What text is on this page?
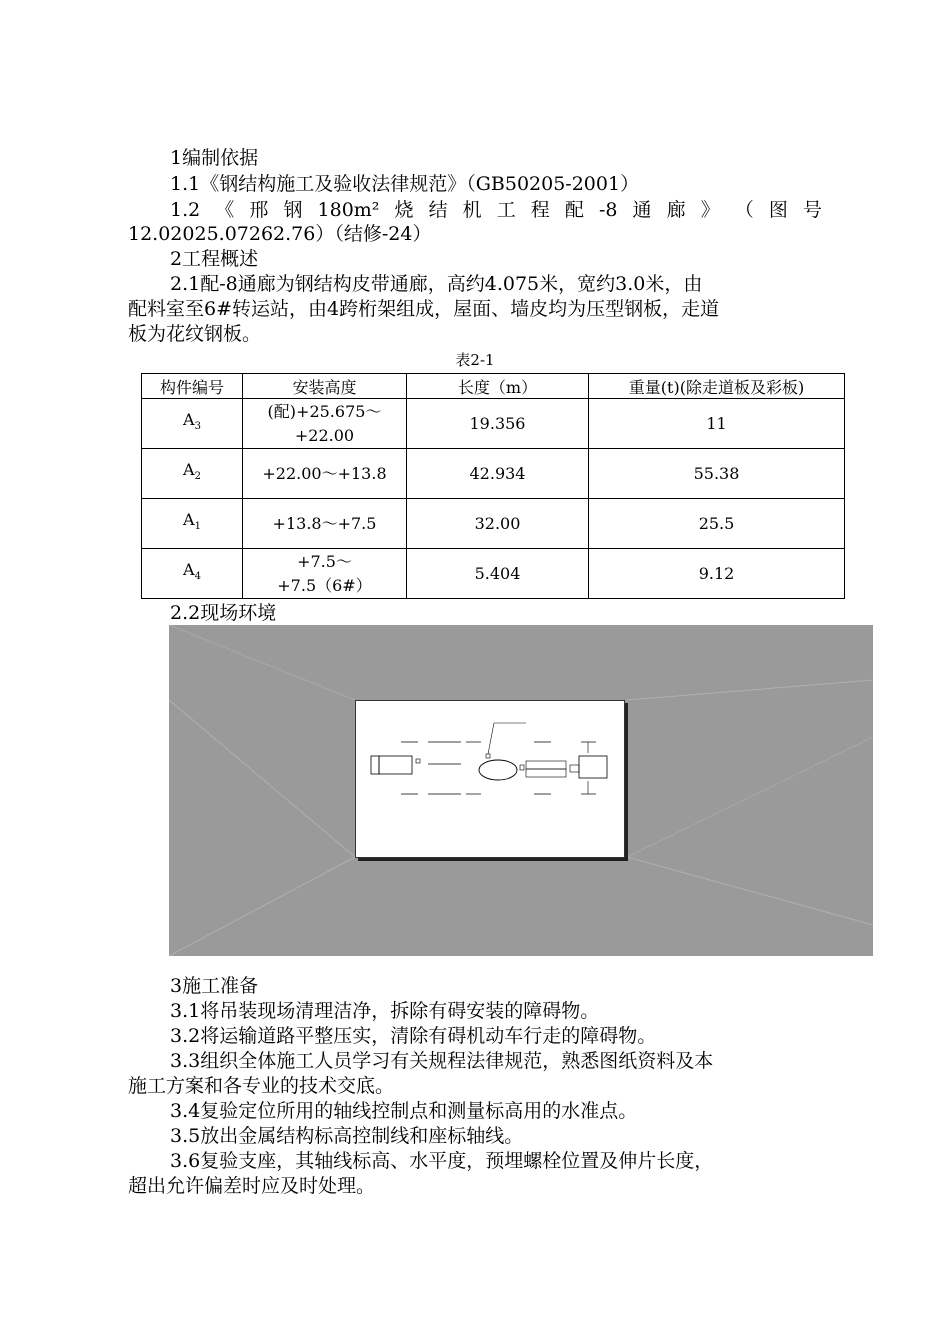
1编制依据
1.1《钢结构施工及验收法律规范》（GB50205-2001）
1.2 《 邢 钢 180m² 烧 结 机 工 程 配 -8 通 廊 》 （ 图 号
12.02025.07262.76）（结修-24）
2工程概述
2.1配-8通廊为钢结构皮带通廊，高约4.075米，宽约3.0米，由
配料室至6#转运站，由4跨桁架组成，屋面、墙皮均为压型钢板，走道
板为花纹钢板。
表2-1
构件编号	安装高度	长度（m）	重量(t)(除走道板及彩板)
$A_3$	(配)+25.675～
+22.00	19.356	11
$A_2$	+22.00～+13.8	42.934	55.38
$A_1$	+13.8～+7.5	32.00	25.5
$A_4$	+7.5～
+7.5（6#）	5.404	9.12
2.2现场环境
3施工准备
3.1将吊装现场清理洁净，拆除有碍安装的障碍物。
3.2将运输道路平整压实，清除有碍机动车行走的障碍物。
3.3组织全体施工人员学习有关规程法律规范，熟悉图纸资料及本
施工方案和各专业的技术交底。
3.4复验定位所用的轴线控制点和测量标高用的水准点。
3.5放出金属结构标高控制线和座标轴线。
3.6复验支座，其轴线标高、水平度，预埋螺栓位置及伸片长度，
超出允许偏差时应及时处理。
